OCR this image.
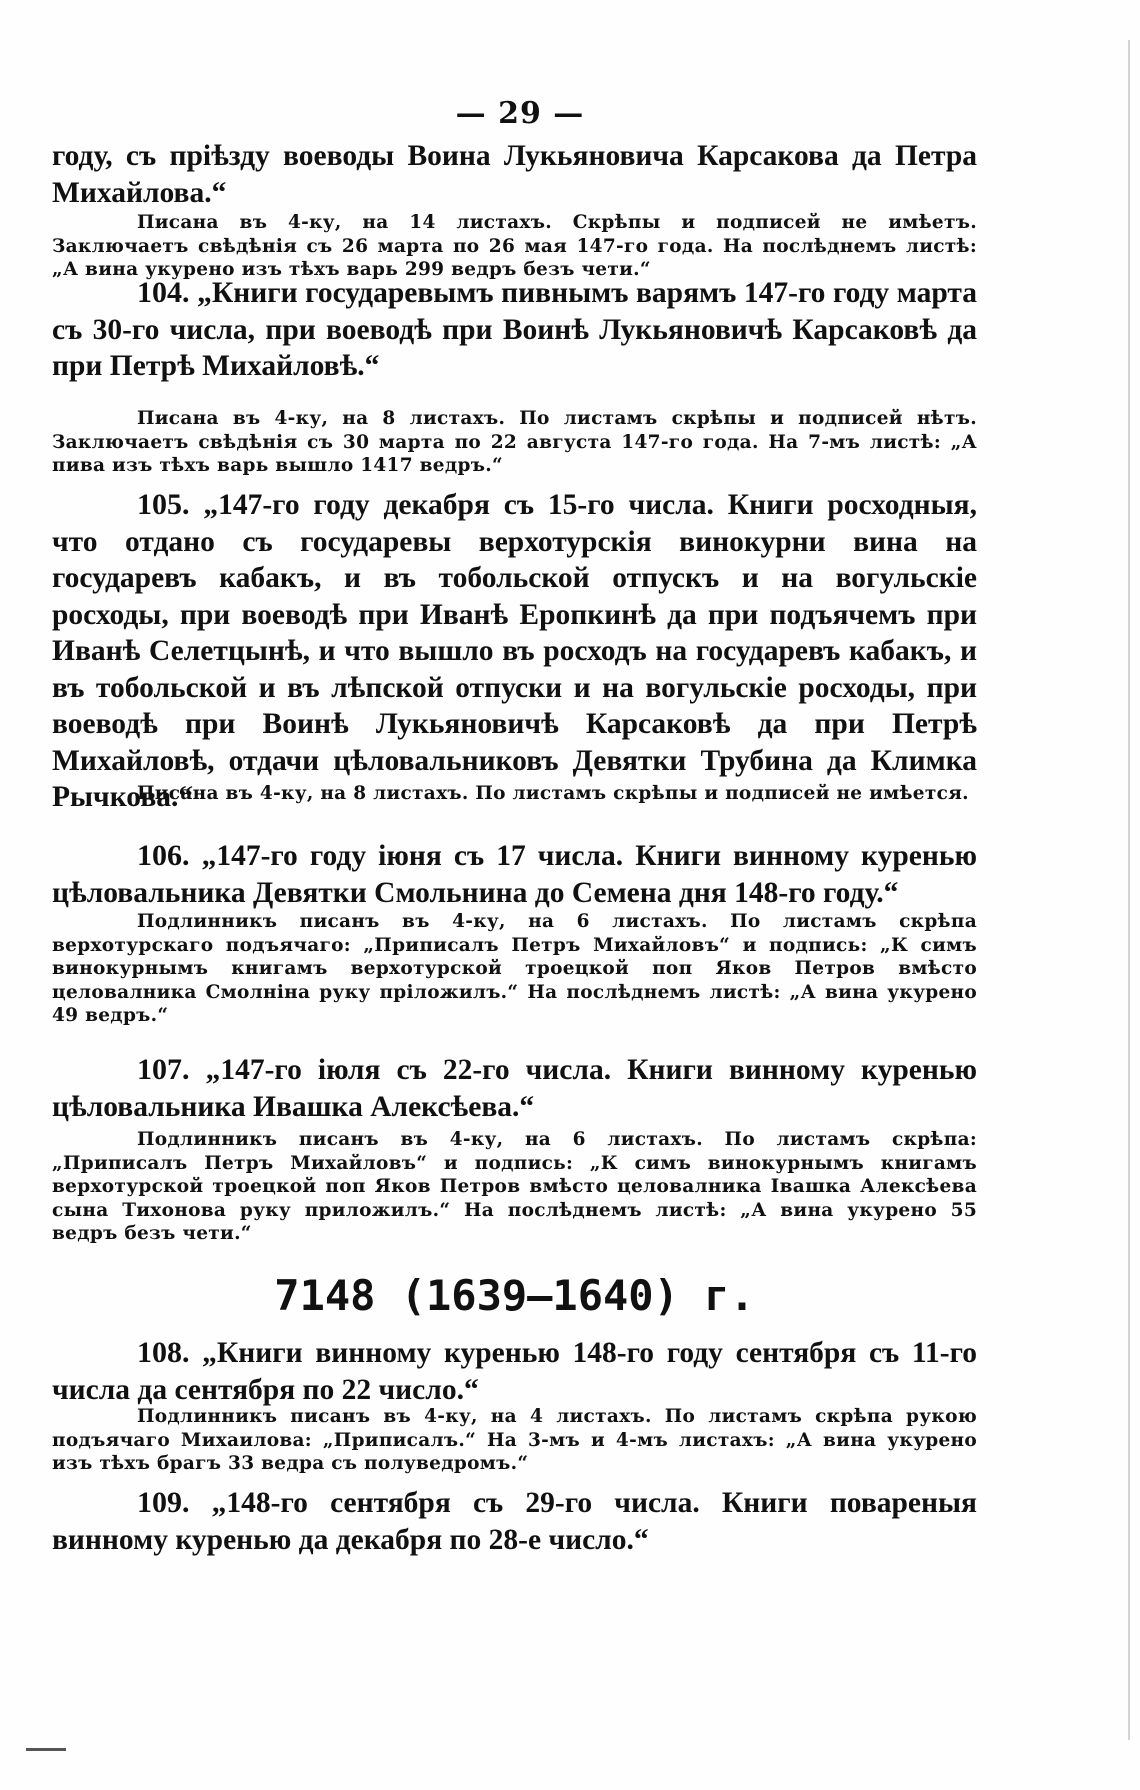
— 29 —

году, съ пріѣзду воеводы Воина Лукьяновича Карсакова да Петра Михайлова.“

Писана въ 4-ку, на 14 листахъ. Скрѣпы и подписей не имѣетъ. Заключаетъ свѣдѣнія съ 26 марта по 26 мая 147-го года. На послѣднемъ листѣ: „А вина укурено изъ тѣхъ варь 299 ведръ безъ чети.“

104. „Книги государевымъ пивнымъ варямъ 147-го году марта съ 30-го числа, при воеводѣ при Воинѣ Лукьяновичѣ Карсаковѣ да при Петрѣ Михайловѣ.“

Писана въ 4-ку, на 8 листахъ. По листамъ скрѣпы и подписей нѣтъ. Заключаетъ свѣдѣнія съ 30 марта по 22 августа 147-го года. На 7-мъ листѣ: „А пива изъ тѣхъ варь вышло 1417 ведръ.“

105. „147-го году декабря съ 15-го числа. Книги росходныя, что отдано съ государевы верхотурскія винокурни вина на государевъ кабакъ, и въ тобольской отпускъ и на вогульскіе росходы, при воеводѣ при Иванѣ Еропкинѣ да при подъячемъ при Иванѣ Селетцынѣ, и что вышло въ росходъ на государевъ кабакъ, и въ тобольской и въ лѣпской отпуски и на вогульскіе росходы, при воеводѣ при Воинѣ Лукьяновичѣ Карсаковѣ да при Петрѣ Михайловѣ, отдачи цѣловальниковъ Девятки Трубина да Климка Рычкова.“

Писана въ 4-ку, на 8 листахъ. По листамъ скрѣпы и подписей не имѣется.

106. „147-го году іюня съ 17 числа. Книги винному куренью цѣловальника Девятки Смольнина до Семена дня 148-го году.“

Подлинникъ писанъ въ 4-ку, на 6 листахъ. По листамъ скрѣпа верхотурскаго подъячаго: „Приписалъ Петръ Михайловъ“ и подпись: „К симъ винокурнымъ книгамъ верхотурской троецкой поп Яков Петров вмѣсто целовалника Смолніна руку пріложилъ.“ На послѣднемъ листѣ: „А вина укурено 49 ведръ.“

107. „147-го іюля съ 22-го числа. Книги винному куренью цѣловальника Ивашка Алексѣева.“

Подлинникъ писанъ въ 4-ку, на 6 листахъ. По листамъ скрѣпа: „Приписалъ Петръ Михайловъ“ и подпись: „К симъ винокурнымъ книгамъ верхотурской троецкой поп Яков Петров вмѣсто целовалника Івашка Алексѣева сына Тихонова руку приложилъ.“ На послѣднемъ листѣ: „А вина укурено 55 ведръ безъ чети.“

7148 (1639—1640) г.

108. „Книги винному куренью 148-го году сентября съ 11-го числа да сентября по 22 число.“

Подлинникъ писанъ въ 4-ку, на 4 листахъ. По листамъ скрѣпа рукою подъячаго Михаилова: „Приписалъ.“ На 3-мъ и 4-мъ листахъ: „А вина укурено изъ тѣхъ брагъ 33 ведра съ полуведромъ.“

109. „148-го сентября съ 29-го числа. Книги повареныя винному куренью да декабря по 28-е число.“
